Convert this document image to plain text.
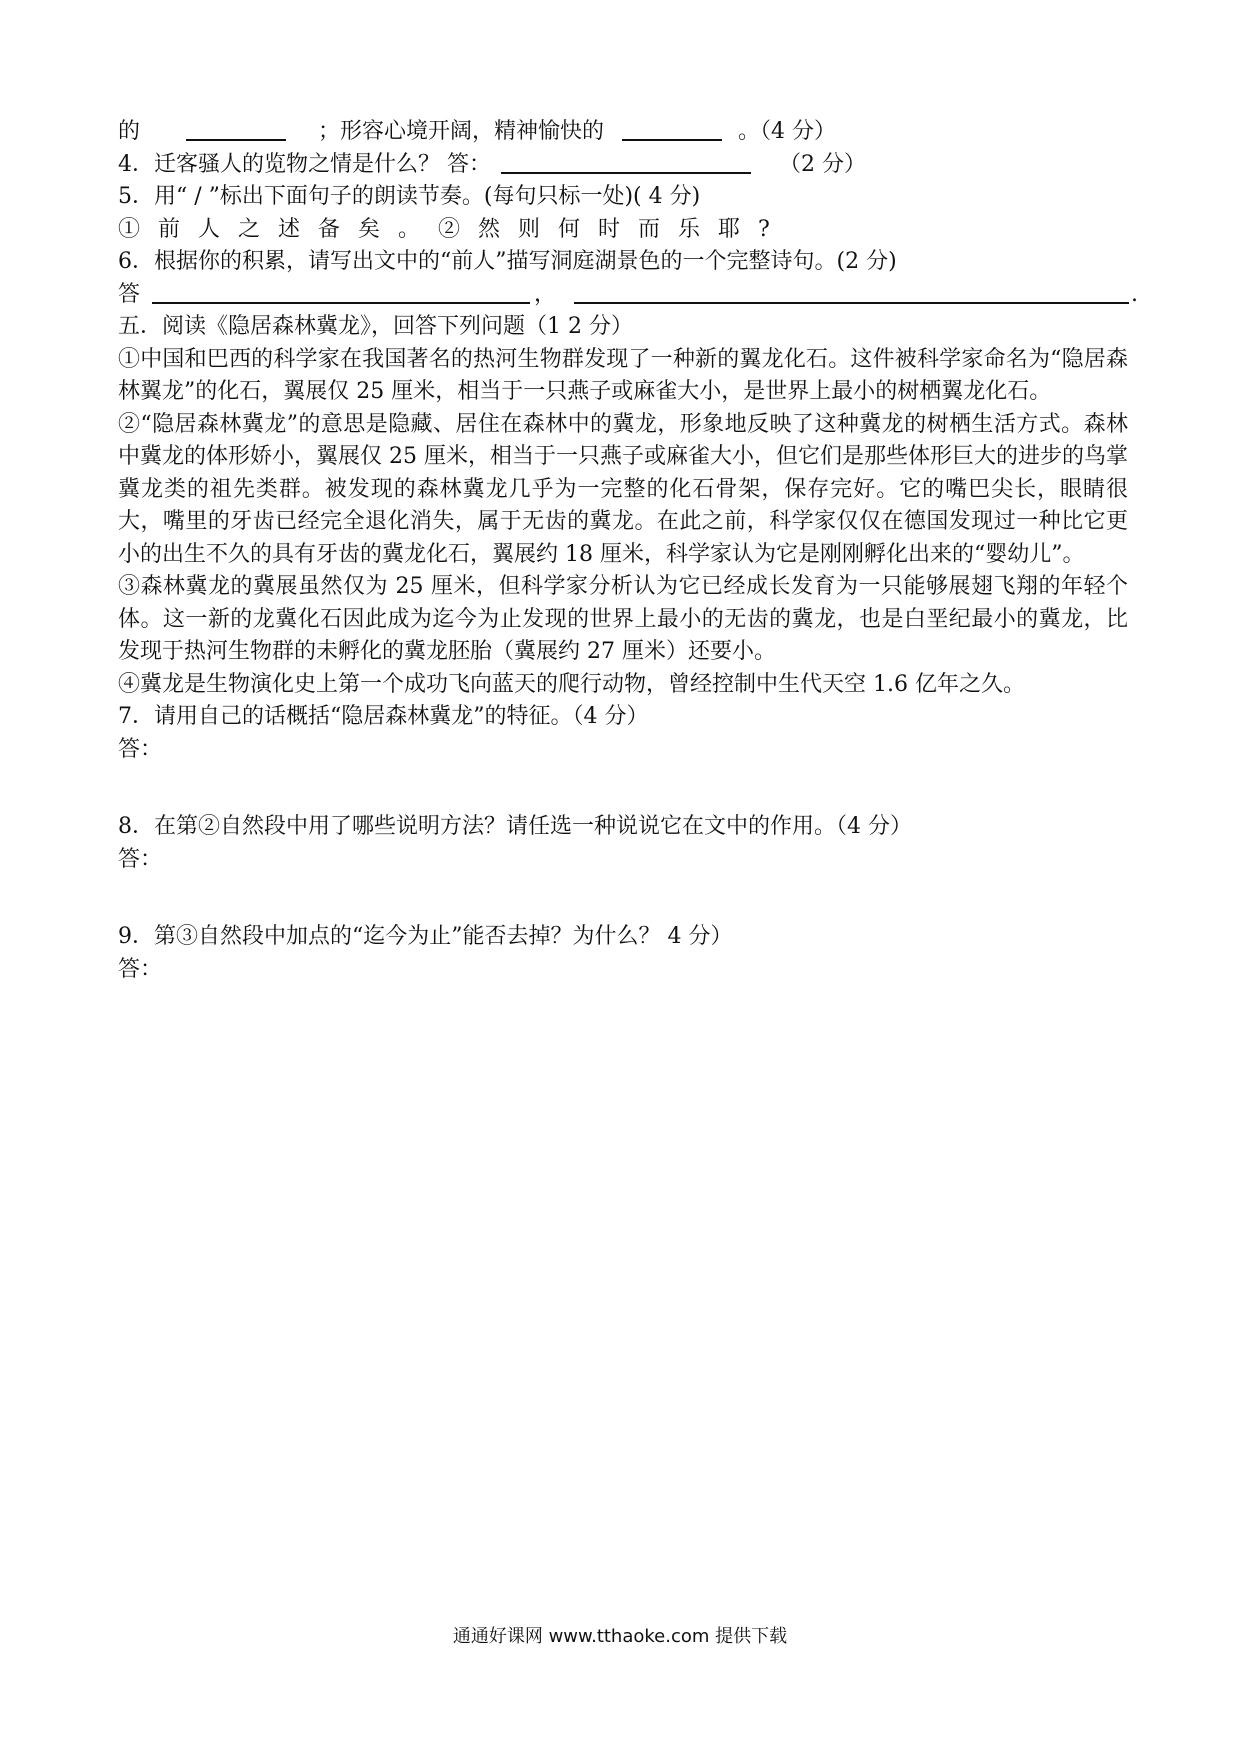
的	；形容心境开阔，精神愉快的	。（4 分）
4．迁客骚人的览物之情是什么？ 答：	（2 分）
5．用“ / ”标出下面句子的朗读节奏。(每句只标一处)( 4 分)
①前人之述备矣。②然则何时而乐耶?
6．根据你的积累，请写出文中的“前人”描写洞庭湖景色的一个完整诗句。(2 分)
答	，	.
五．阅读《隐居森林冀龙》，回答下列问题（1 2 分）
①中国和巴西的科学家在我国著名的热河生物群发现了一种新的翼龙化石。这件被科学家命名为“隐居森林翼龙”的化石，翼展仅 25 厘米，相当于一只燕子或麻雀大小，是世界上最小的树栖翼龙化石。
②“隐居森林冀龙”的意思是隐藏、居住在森林中的冀龙，形象地反映了这种冀龙的树栖生活方式。森林中冀龙的体形娇小，翼展仅 25 厘米，相当于一只燕子或麻雀大小，但它们是那些体形巨大的进步的鸟掌冀龙类的祖先类群。被发现的森林冀龙几乎为一完整的化石骨架，保存完好。它的嘴巴尖长，眼睛很大，嘴里的牙齿已经完全退化消失，属于无齿的冀龙。在此之前，科学家仅仅在德国发现过一种比它更小的出生不久的具有牙齿的冀龙化石，翼展约 18 厘米，科学家认为它是刚刚孵化出来的“婴幼儿”。
③森林冀龙的冀展虽然仅为 25 厘米，但科学家分析认为它已经成长发育为一只能够展翅飞翔的年轻个体。这一新的龙冀化石因此成为迄今为止发现的世界上最小的无齿的冀龙，也是白垩纪最小的冀龙，比发现于热河生物群的未孵化的冀龙胚胎（冀展约 27 厘米）还要小。
④冀龙是生物演化史上第一个成功飞向蓝天的爬行动物，曾经控制中生代天空 1.6 亿年之久。
7．请用自己的话概括“隐居森林冀龙”的特征。（4 分）
答：
8．在第②自然段中用了哪些说明方法？请任选一种说说它在文中的作用。（4 分）
答：
9．第③自然段中加点的“迄今为止”能否去掉？为什么？ 4 分）
答：
通通好课网 www.tthaoke.com 提供下载
